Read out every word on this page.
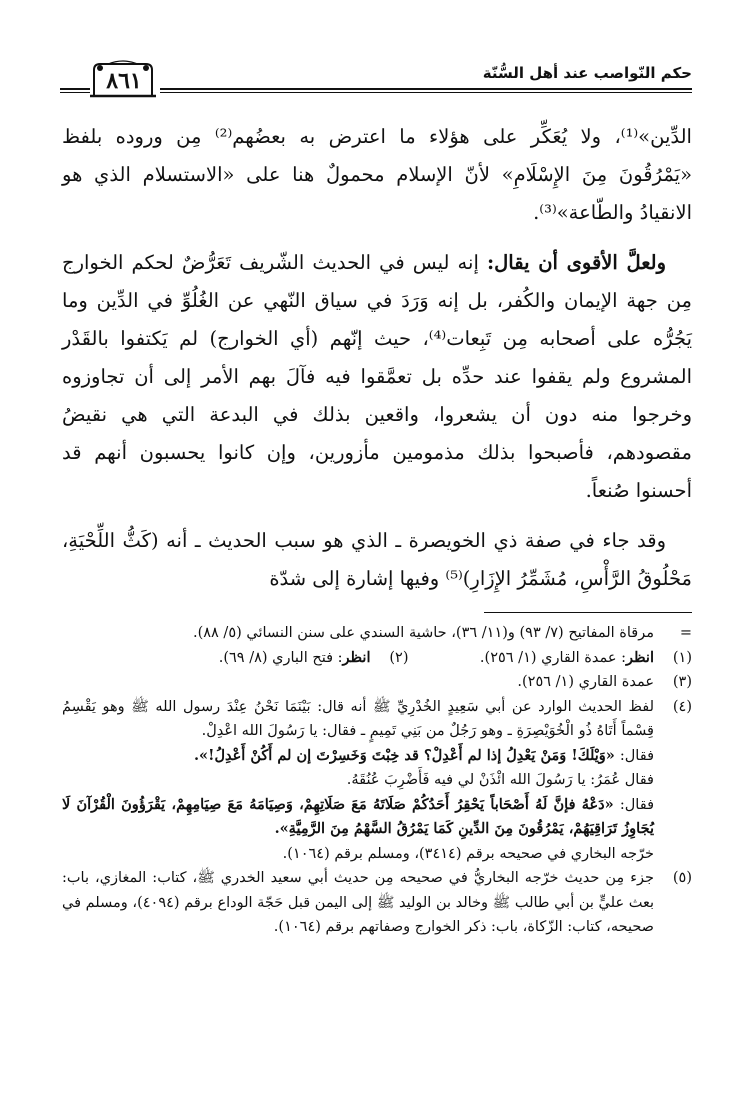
حكم النّواصب عند أهل السُّنّة
٨٦١

الدِّين»⁽¹⁾، ولا يُعَكِّر على هؤلاء ما اعترض به بعضُهم⁽²⁾ مِن وروده بلفظ «يَمْرُقُونَ مِنَ الإِسْلَامِ» لأنّ الإسلام محمولٌ هنا على «الاستسلام الذي هو الانقيادُ والطّاعة»⁽³⁾.

ولعلَّ الأقوى أن يقال: إنه ليس في الحديث الشّريف تَعَرُّضٌ لحكم الخوارج مِن جهة الإيمان والكُفر، بل إنه وَرَدَ في سياق النّهي عن الغُلُوِّ في الدِّين وما يَجُرُّه على أصحابه مِن تَبِعات⁽⁴⁾، حيث إنّهم (أي الخوارج) لم يَكتفوا بالقَدْر المشروع ولم يقفوا عند حدِّه بل تعمَّقوا فيه فآلَ بهم الأمر إلى أن تجاوزوه وخرجوا منه دون أن يشعروا، واقعين بذلك في البدعة التي هي نقيضُ مقصودهم، فأصبحوا بذلك مذمومين مأزورين، وإن كانوا يحسبون أنهم قد أحسنوا صُنعاً.

وقد جاء في صفة ذي الخويصرة ـ الذي هو سبب الحديث ـ أنه (كَثُّ اللِّحْيَةِ، مَحْلُوقُ الرَّأْسِ، مُشَمِّرُ الإِزَارِ)⁽⁵⁾ وفيها إشارة إلى شدّة

=
مرقاة المفاتيح (٧/ ٩٣) و(١١/ ٣٦)، حاشية السندي على سنن النسائي (٥/ ٨٨).
(١)
انظر: عمدة القاري (١/ ٢٥٦).
(٢)
انظر: فتح الباري (٨/ ٦٩).
(٣)
عمدة القاري (١/ ٢٥٦).
(٤)
لفظ الحديث الوارد عن أبي سَعِيدٍ الخُدْرِيِّ ﷺ أنه قال: بَيْنَمَا نَحْنُ عِنْدَ رسول الله ﷺ وهو يَقْسِمُ قِسْماً أَتَاهُ ذُو الْخُوَيْصِرَةِ ـ وهو رَجُلٌ من بَنِي تَمِيمٍ ـ فقال: يا رَسُولَ الله اعْدِلْ.
فقال: «وَيْلَكَ! وَمَنْ يَعْدِلُ إذا لم أَعْدِلْ؟ قد خِبْتَ وَخَسِرْتَ إن لم أَكُنْ أَعْدِلُ!».
فقال عُمَرُ: يا رَسُولَ الله ائْذَنْ لي فيه فَأَضْرِبَ عُنُقَهُ.
فقال: «دَعْهُ فإنَّ لَهُ أَصْحَاباً يَحْقِرُ أَحَدُكُمْ صَلَاتَهُ مَعَ صَلَاتِهِمْ، وَصِيَامَهُ مَعَ صِيَامِهِمْ، يَقْرَؤُونَ الْقُرْآنَ لَا يُجَاوِزُ تَرَاقِيَهُمْ، يَمْرُقُونَ مِنَ الدِّينِ كَمَا يَمْرُقُ السَّهْمُ مِنَ الرَّمِيَّةِ».
خرّجه البخاري في صحيحه برقم (٣٤١٤)، ومسلم برقم (١٠٦٤).
(٥)
جزء مِن حديث خرّجه البخاريُّ في صحيحه مِن حديث أبي سعيد الخدري ﷺ، كتاب: المغازي، باب: بعث عليٍّ بن أبي طالب ﷺ وخالد بن الوليد ﷺ إلى اليمن قبل حَجّة الوداع برقم (٤٠٩٤)، ومسلم في صحيحه، كتاب: الزّكاة، باب: ذكر الخوارج وصفاتهم برقم (١٠٦٤).
